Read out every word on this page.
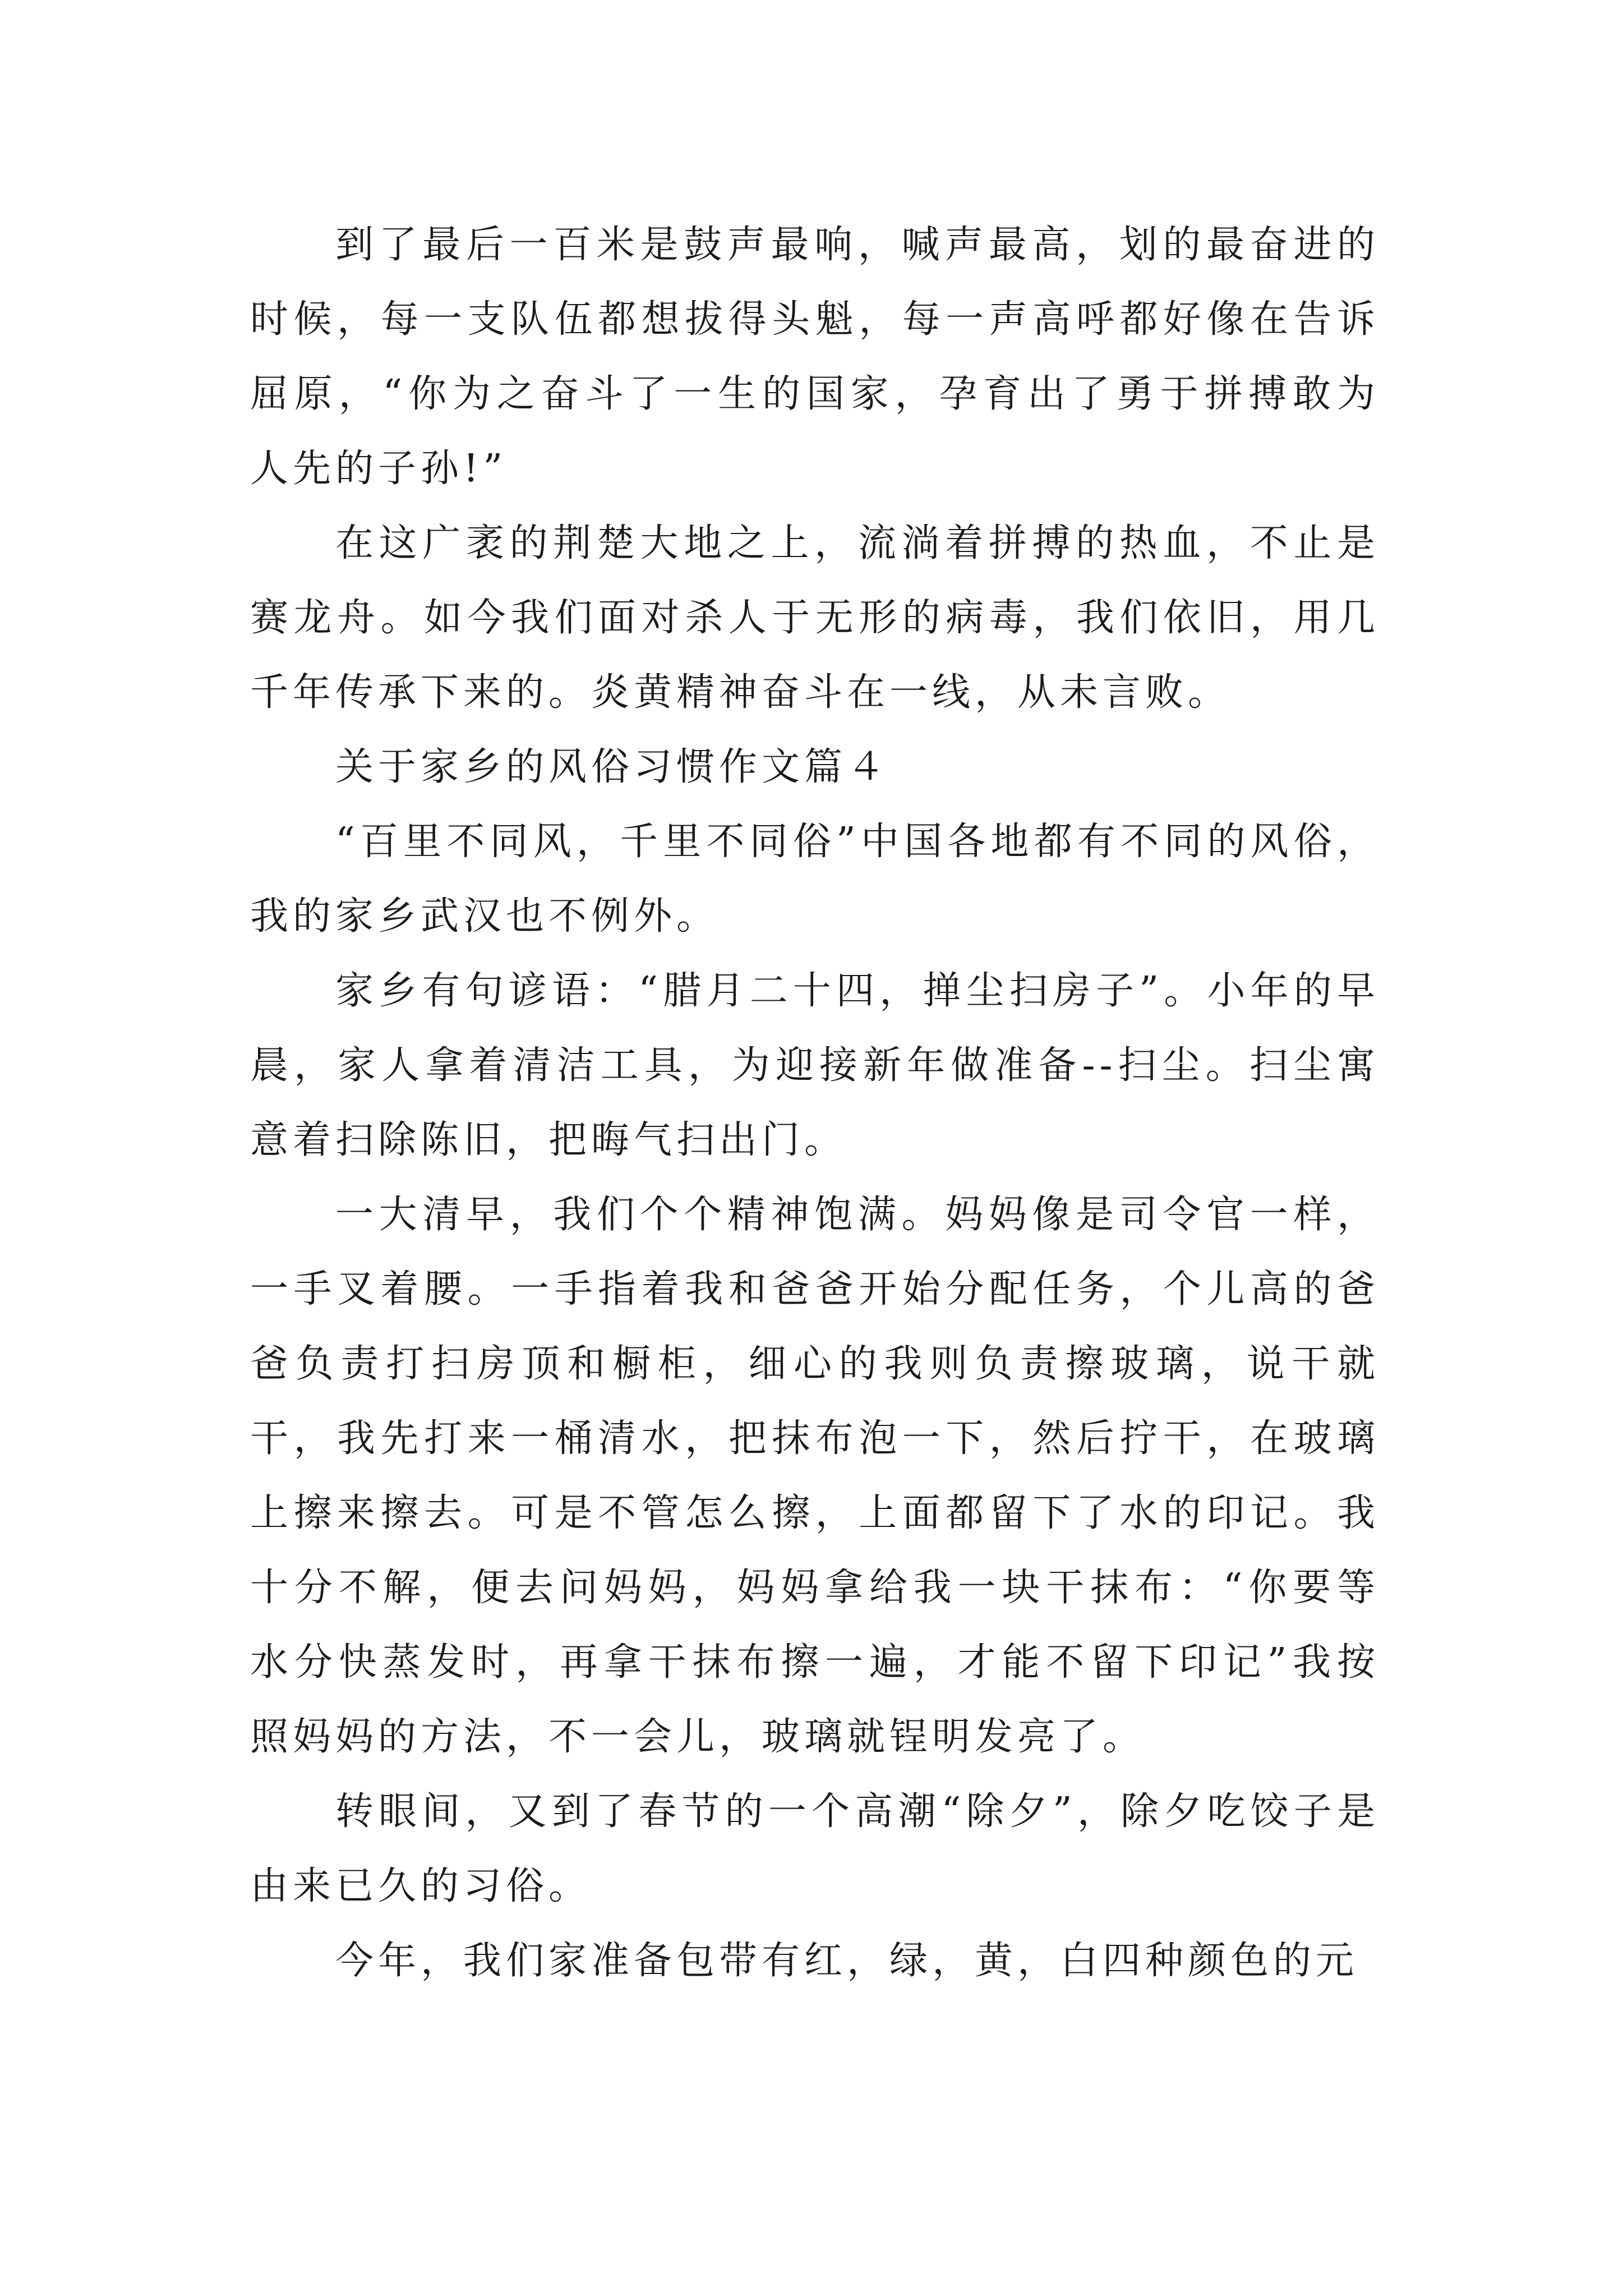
到了最后一百米是鼓声最响，喊声最高，划的最奋进的时候，每一支队伍都想拔得头魁，每一声高呼都好像在告诉屈原，“你为之奋斗了一生的国家，孕育出了勇于拼搏敢为人先的子孙!”

在这广袤的荆楚大地之上，流淌着拼搏的热血，不止是赛龙舟。如今我们面对杀人于无形的病毒，我们依旧，用几千年传承下来的。炎黄精神奋斗在一线，从未言败。

关于家乡的风俗习惯作文篇４

“百里不同风，千里不同俗”中国各地都有不同的风俗，我的家乡武汉也不例外。

家乡有句谚语：“腊月二十四，掸尘扫房子”。小年的早晨，家人拿着清洁工具，为迎接新年做准备--扫尘。扫尘寓意着扫除陈旧，把晦气扫出门。

一大清早，我们个个精神饱满。妈妈像是司令官一样，一手叉着腰。一手指着我和爸爸开始分配任务，个儿高的爸爸负责打扫房顶和橱柜，细心的我则负责擦玻璃，说干就干，我先打来一桶清水，把抹布泡一下，然后拧干，在玻璃上擦来擦去。可是不管怎么擦，上面都留下了水的印记。我十分不解，便去问妈妈，妈妈拿给我一块干抹布：“你要等水分快蒸发时，再拿干抹布擦一遍，才能不留下印记”我按照妈妈的方法，不一会儿，玻璃就锃明发亮了。

转眼间，又到了春节的一个高潮“除夕”，除夕吃饺子是由来已久的习俗。

今年，我们家准备包带有红，绿，黄，白四种颜色的元
